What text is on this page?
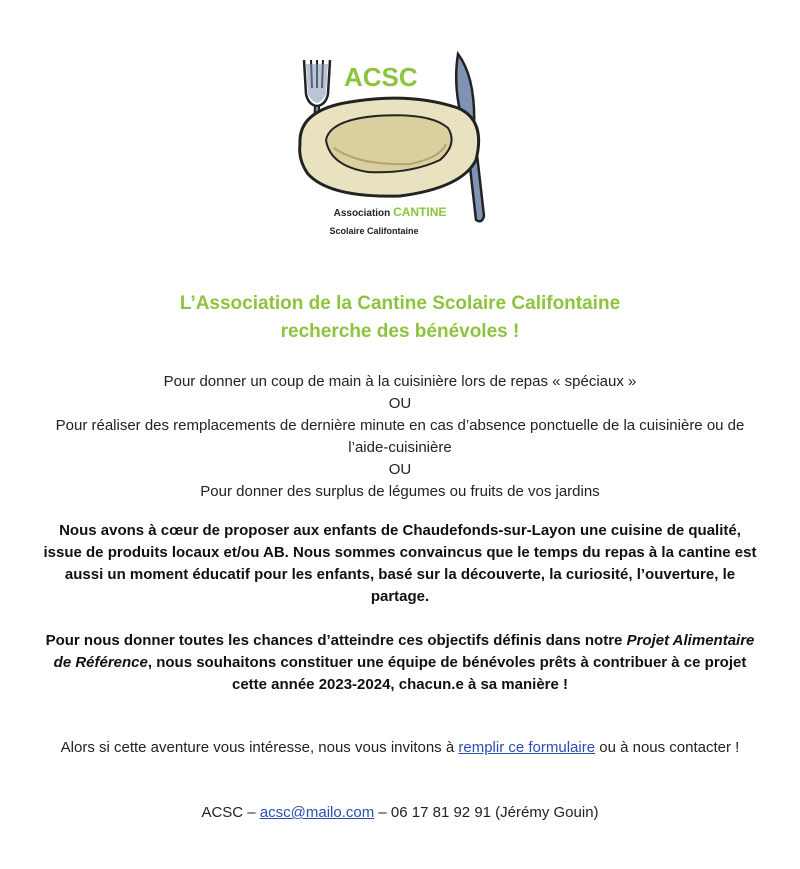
ACSC
Association CANTINE
Scolaire Califontaine
L’Association de la Cantine Scolaire Califontaine
recherche des bénévoles !
Pour donner un coup de main à la cuisinière lors de repas « spéciaux »
OU
Pour réaliser des remplacements de dernière minute en cas d’absence ponctuelle de la cuisinière ou de l’aide-cuisinière
OU
Pour donner des surplus de légumes ou fruits de vos jardins
Nous avons à cœur de proposer aux enfants de Chaudefonds-sur-Layon une cuisine de qualité, issue de produits locaux et/ou AB. Nous sommes convaincus que le temps du repas à la cantine est aussi un moment éducatif pour les enfants, basé sur la découverte, la curiosité, l’ouverture, le partage.
Pour nous donner toutes les chances d’atteindre ces objectifs définis dans notre Projet Alimentaire de Référence, nous souhaitons constituer une équipe de bénévoles prêts à contribuer à ce projet cette année 2023-2024, chacun.e à sa manière !
Alors si cette aventure vous intéresse, nous vous invitons à remplir ce formulaire ou à nous contacter !
ACSC – acsc@mailo.com – 06 17 81 92 91 (Jérémy Gouin)
